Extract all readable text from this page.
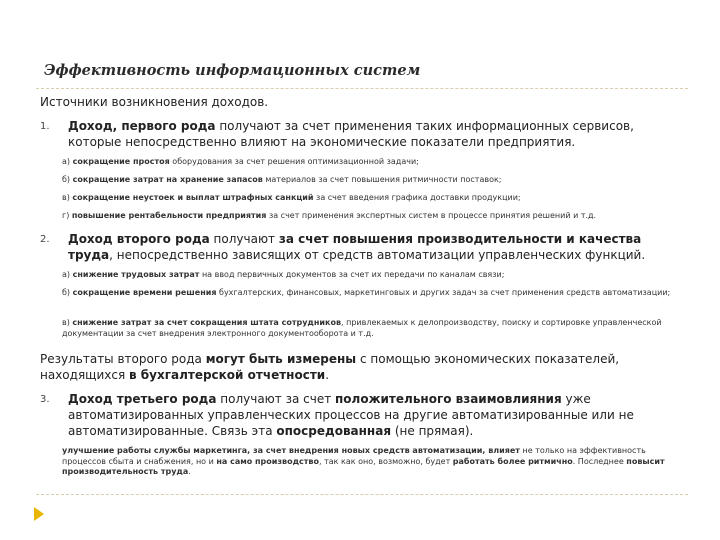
Эффективность информационных систем
Источники возникновения доходов.
1. Доход, первого рода получают за счет применения таких информационных сервисов, которые непосредственно влияют на экономические показатели предприятия.
а) сокращение простоя оборудования за счет решения оптимизационной задачи;
б) сокращение затрат на хранение запасов материалов за счет повышения ритмичности поставок;
в) сокращение неустоек и выплат штрафных санкций за счет введения графика доставки продукции;
г) повышение рентабельности предприятия за счет применения экспертных систем в процессе принятия решений и т.д.
2. Доход второго рода получают за счет повышения производительности и качества труда, непосредственно зависящих от средств автоматизации управленческих функций.
а) снижение трудовых затрат на ввод первичных документов за счет их передачи по каналам связи;
б) сокращение времени решения бухгалтерских, финансовых, маркетинговых и других задач за счет применения средств автоматизации;
в) снижение затрат за счет сокращения штата сотрудников, привлекаемых к делопроизводству, поиску и сортировке управленческой документации за счет внедрения электронного документооборота и т.д.
Результаты второго рода могут быть измерены с помощью экономических показателей, находящихся в бухгалтерской отчетности.
3. Доход третьего рода получают за счет положительного взаимовлияния уже автоматизированных управленческих процессов на другие автоматизированные или не автоматизированные. Связь эта опосредованная (не прямая).
улучшение работы службы маркетинга, за счет внедрения новых средств автоматизации, влияет не только на эффективность процессов сбыта и снабжения, но и на само производство, так как оно, возможно, будет работать более ритмично. Последнее повысит производительность труда.
